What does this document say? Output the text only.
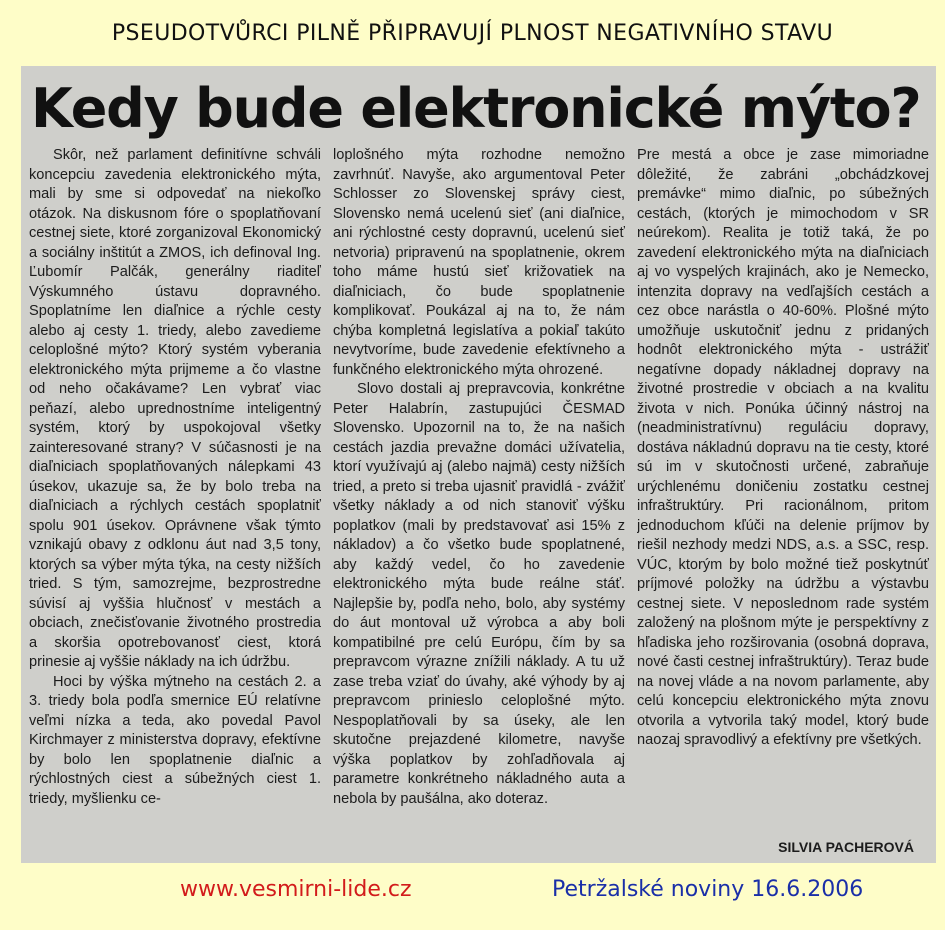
PSEUDOTVŮRCI PILNĚ PŘIPRAVUJÍ PLNOST NEGATIVNÍHO STAVU
Kedy bude elektronické mýto?

Skôr, než parlament definitívne schváli koncepciu zavedenia elektronického mýta, mali by sme si odpovedať na niekoľko otázok. Na diskusnom fóre o spoplatňovaní cestnej siete, ktoré zorganizoval Ekonomický a sociálny inštitút a ZMOS, ich definoval Ing. Ľubomír Palčák, generálny riaditeľ Výskumného ústavu dopravného. Spoplatníme len diaľnice a rýchle cesty alebo aj cesty 1. triedy, alebo zavedieme celoplošné mýto? Ktorý systém vyberania elektronického mýta prijmeme a čo vlastne od neho očakávame? Len vybrať viac peňazí, alebo uprednostníme inteligentný systém, ktorý by uspokojoval všetky zainteresované strany? V súčasnosti je na diaľniciach spoplatňovaných nálepkami 43 úsekov, ukazuje sa, že by bolo treba na diaľniciach a rýchlych cestách spoplatniť spolu 901 úsekov. Oprávnene však týmto vznikajú obavy z odklonu áut nad 3,5 tony, ktorých sa výber mýta týka, na cesty nižších tried. S tým, samozrejme, bezprostredne súvisí aj vyššia hlučnosť v mestách a obciach, znečisťovanie životného prostredia a skoršia opotrebovanosť ciest, ktorá prinesie aj vyššie náklady na ich údržbu.

Hoci by výška mýtneho na cestách 2. a 3. triedy bola podľa smernice EÚ relatívne veľmi nízka a teda, ako povedal Pavol Kirchmayer z ministerstva dopravy, efektívne by bolo len spoplatnenie diaľnic a rýchlostných ciest a súbežných ciest 1. triedy, myšlienku ce-

loplošného mýta rozhodne nemožno zavrhnúť. Navyše, ako argumentoval Peter Schlosser zo Slovenskej správy ciest, Slovensko nemá ucelenú sieť (ani diaľnice, ani rýchlostné cesty dopravnú, ucelenú sieť netvoria) pripravenú na spoplatnenie, okrem toho máme hustú sieť križovatiek na diaľniciach, čo bude spoplatnenie komplikovať. Poukázal aj na to, že nám chýba kompletná legislatíva a pokiaľ takúto nevytvoríme, bude zavedenie efektívneho a funkčného elektronického mýta ohrozené.

Slovo dostali aj prepravcovia, konkrétne Peter Halabrín, zastupujúci ČESMAD Slovensko. Upozornil na to, že na našich cestách jazdia prevažne domáci užívatelia, ktorí využívajú aj (alebo najmä) cesty nižších tried, a preto si treba ujasniť pravidlá - zvážiť všetky náklady a od nich stanoviť výšku poplatkov (mali by predstavovať asi 15% z nákladov) a čo všetko bude spoplatnené, aby každý vedel, čo ho zavedenie elektronického mýta bude reálne stáť. Najlepšie by, podľa neho, bolo, aby systémy do áut montoval už výrobca a aby boli kompatibilné pre celú Európu, čím by sa prepravcom výrazne znížili náklady. A tu už zase treba vziať do úvahy, aké výhody by aj prepravcom prinieslo celoplošné mýto. Nespoplatňovali by sa úseky, ale len skutočne prejazdené kilometre, navyše výška poplatkov by zohľadňovala aj parametre konkrétneho nákladného auta a nebola by paušálna, ako doteraz.

Pre mestá a obce je zase mimoriadne dôležité, že zabráni „obchádzkovej premávke“ mimo diaľnic, po súbežných cestách, (ktorých je mimochodom v SR neúrekom). Realita je totiž taká, že po zavedení elektronického mýta na diaľniciach aj vo vyspelých krajinách, ako je Nemecko, intenzita dopravy na vedľajších cestách a cez obce narástla o 40-60%. Plošné mýto umožňuje uskutočniť jednu z pridaných hodnôt elektronického mýta - ustrážiť negatívne dopady nákladnej dopravy na životné prostredie v obciach a na kvalitu života v nich. Ponúka účinný nástroj na (neadministratívnu) reguláciu dopravy, dostáva nákladnú dopravu na tie cesty, ktoré sú im v skutočnosti určené, zabraňuje urýchlenému doničeniu zostatku cestnej infraštruktúry. Pri racionálnom, pritom jednoduchom kľúči na delenie príjmov by riešil nezhody medzi NDS, a.s. a SSC, resp. VÚC, ktorým by bolo možné tiež poskytnúť príjmové položky na údržbu a výstavbu cestnej siete. V neposlednom rade systém založený na plošnom mýte je perspektívny z hľadiska jeho rozširovania (osobná doprava, nové časti cestnej infraštruktúry). Teraz bude na novej vláde a na novom parlamente, aby celú koncepciu elektronického mýta znovu otvorila a vytvorila taký model, ktorý bude naozaj spravodlivý a efektívny pre všetkých.

SILVIA PACHEROVÁ
www.vesmirni-lide.cz	Petržalské noviny 16.6.2006
